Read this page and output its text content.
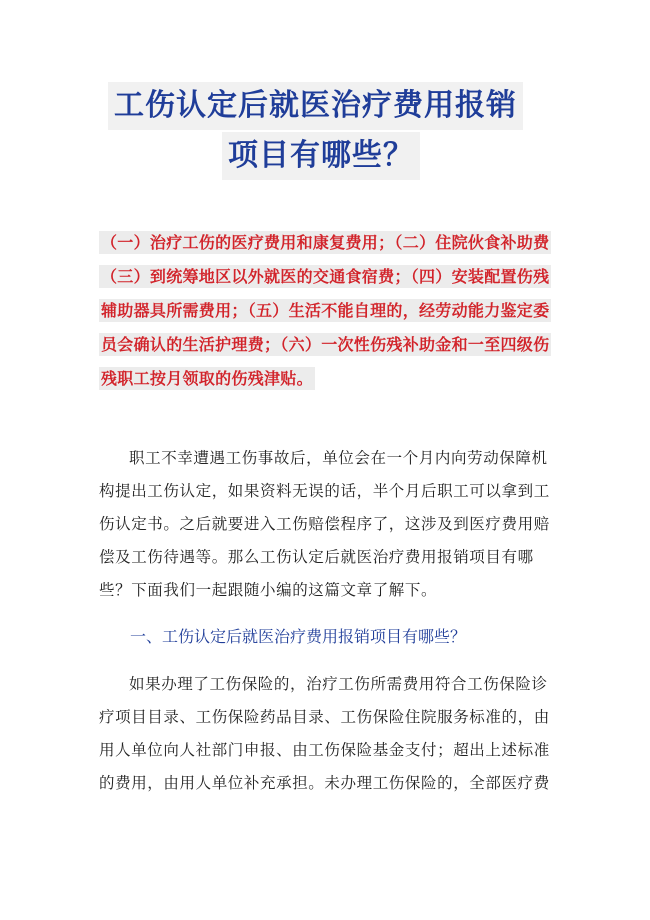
工伤认定后就医治疗费用报销
项目有哪些？
（一）治疗工伤的医疗费用和康复费用；（二）住院伙食补助费
（三）到统筹地区以外就医的交通食宿费；（四）安装配置伤残
辅助器具所需费用；（五）生活不能自理的，经劳动能力鉴定委
员会确认的生活护理费；（六）一次性伤残补助金和一至四级伤
残职工按月领取的伤残津贴。
职工不幸遭遇工伤事故后，单位会在一个月内向劳动保障机
构提出工伤认定，如果资料无误的话，半个月后职工可以拿到工
伤认定书。之后就要进入工伤赔偿程序了，这涉及到医疗费用赔
偿及工伤待遇等。那么工伤认定后就医治疗费用报销项目有哪
些？下面我们一起跟随小编的这篇文章了解下。
一、工伤认定后就医治疗费用报销项目有哪些？
如果办理了工伤保险的，治疗工伤所需费用符合工伤保险诊
疗项目目录、工伤保险药品目录、工伤保险住院服务标准的，由
用人单位向人社部门申报、由工伤保险基金支付；超出上述标准
的费用，由用人单位补充承担。未办理工伤保险的，全部医疗费
